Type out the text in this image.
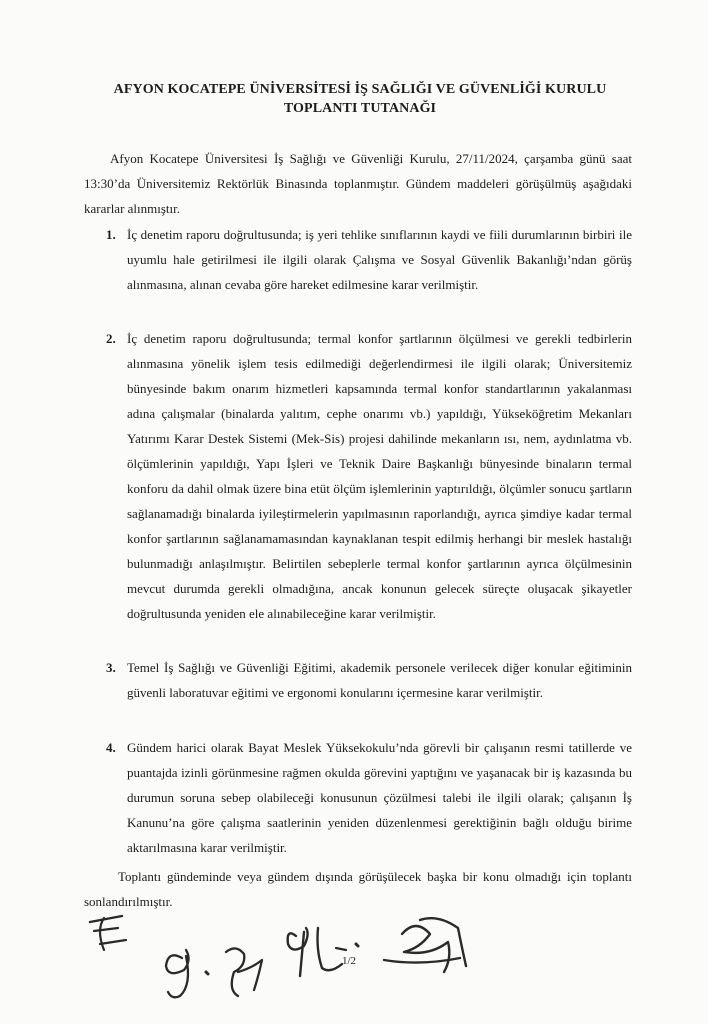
AFYON KOCATEPE ÜNİVERSİTESİ İŞ SAĞLIĞI VE GÜVENLİĞİ KURULU
TOPLANTI TUTANAĞI

Afyon Kocatepe Üniversitesi İş Sağlığı ve Güvenliği Kurulu, 27/11/2024, çarşamba günü saat 13:30’da Üniversitemiz Rektörlük Binasında toplanmıştır. Gündem maddeleri görüşülmüş aşağıdaki kararlar alınmıştır.

1. İç denetim raporu doğrultusunda; iş yeri tehlike sınıflarının kaydi ve fiili durumlarının birbiri ile uyumlu hale getirilmesi ile ilgili olarak Çalışma ve Sosyal Güvenlik Bakanlığı’ndan görüş alınmasına, alınan cevaba göre hareket edilmesine karar verilmiştir.
2. İç denetim raporu doğrultusunda; termal konfor şartlarının ölçülmesi ve gerekli tedbirlerin alınmasına yönelik işlem tesis edilmediği değerlendirmesi ile ilgili olarak; Üniversitemiz bünyesinde bakım onarım hizmetleri kapsamında termal konfor standartlarının yakalanması adına çalışmalar (binalarda yalıtım, cephe onarımı vb.) yapıldığı, Yükseköğretim Mekanları Yatırımı Karar Destek Sistemi (Mek-Sis) projesi dahilinde mekanların ısı, nem, aydınlatma vb. ölçümlerinin yapıldığı, Yapı İşleri ve Teknik Daire Başkanlığı bünyesinde binaların termal konforu da dahil olmak üzere bina etüt ölçüm işlemlerinin yaptırıldığı, ölçümler sonucu şartların sağlanamadığı binalarda iyileştirmelerin yapılmasının raporlandığı, ayrıca şimdiye kadar termal konfor şartlarının sağlanamamasından kaynaklanan tespit edilmiş herhangi bir meslek hastalığı bulunmadığı anlaşılmıştır. Belirtilen sebeplerle termal konfor şartlarının ayrıca ölçülmesinin mevcut durumda gerekli olmadığına, ancak konunun gelecek süreçte oluşacak şikayetler doğrultusunda yeniden ele alınabileceğine karar verilmiştir.
3. Temel İş Sağlığı ve Güvenliği Eğitimi, akademik personele verilecek diğer konular eğitiminin güvenli laboratuvar eğitimi ve ergonomi konularını içermesine karar verilmiştir.
4. Gündem harici olarak Bayat Meslek Yüksekokulu’nda görevli bir çalışanın resmi tatillerde ve puantajda izinli görünmesine rağmen okulda görevini yaptığını ve yaşanacak bir iş kazasında bu durumun soruna sebep olabileceği konusunun çözülmesi talebi ile ilgili olarak; çalışanın İş Kanunu’na göre çalışma saatlerinin yeniden düzenlenmesi gerektiğinin bağlı olduğu birime aktarılmasına karar verilmiştir.

Toplantı gündeminde veya gündem dışında görüşülecek başka bir konu olmadığı için toplantı sonlandırılmıştır.

1/2
